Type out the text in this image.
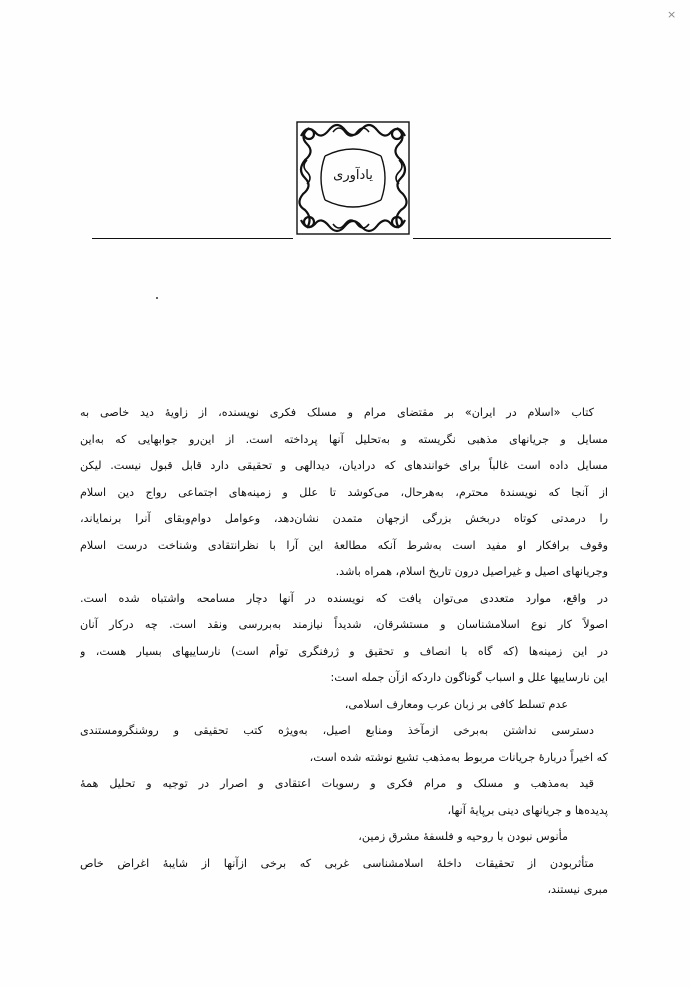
×
یادآوری
کتاب «اسلام در ایران» بر مقتضای مرام و مسلک فکری نویسنده، از زاویهٔ دید خاصی به
مسایل و جریانهای مذهبی نگریسته و به‌تحلیل آنها پرداخته است. از این‌رو جوابهایی که به‌این
مسایل داده است غالباً برای خوانندهای که درادیان، دیدالهی و تحقیقی دارد قابل قبول نیست. لیکن
از آنجا که نویسندهٔ محترم، به‌هرحال، می‌کوشد تا علل و زمینه‌های اجتماعی رواج دین اسلام
را درمدتی کوتاه دربخش بزرگی ازجهان متمدن نشان‌دهد، وعوامل دوام‌وبقای آنرا برنمایاند،
وقوف برافکار او مفید است به‌شرط آنکه مطالعهٔ این آرا با نظرانتقادی وشناخت درست اسلام
وجریانهای اصیل و غیراصیل درون تاریخ اسلام، همراه باشد.
در واقع، موارد متعددی می‌توان یافت که نویسنده در آنها دچار مسامحه واشتباه شده است.
اصولاً کار نوع اسلامشناسان و مستشرقان، شدیداً نیازمند به‌بررسی ونقد است. چه درکار آنان
در این زمینه‌ها (که گاه با انصاف و تحقیق و ژرفنگری توأم است) نارساییهای بسیار هست، و
این نارساییها علل و اسباب گوناگون داردکه ازآن جمله است:
عدم تسلط کافی بر زبان عرب ومعارف اسلامی،
دسترسی نداشتن به‌برخی ازمآخذ ومنابع اصیل، به‌ویژه کتب تحقیقی و روشنگرومستندی
که اخیراً دربارهٔ جریانات مربوط به‌مذهب تشیع نوشته شده است،
قید به‌مذهب و مسلک و مرام فکری و رسوبات اعتقادی و اصرار در توجیه و تحلیل همهٔ
پدیده‌ها و جریانهای دینی برپایهٔ آنها،
مأنوس نبودن با روحیه و فلسفهٔ مشرق زمین،
متأثربودن از تحقیقات داخلهٔ اسلامشناسی غربی که برخی ازآنها از شایبهٔ اغراض خاص
مبری نیستند،
